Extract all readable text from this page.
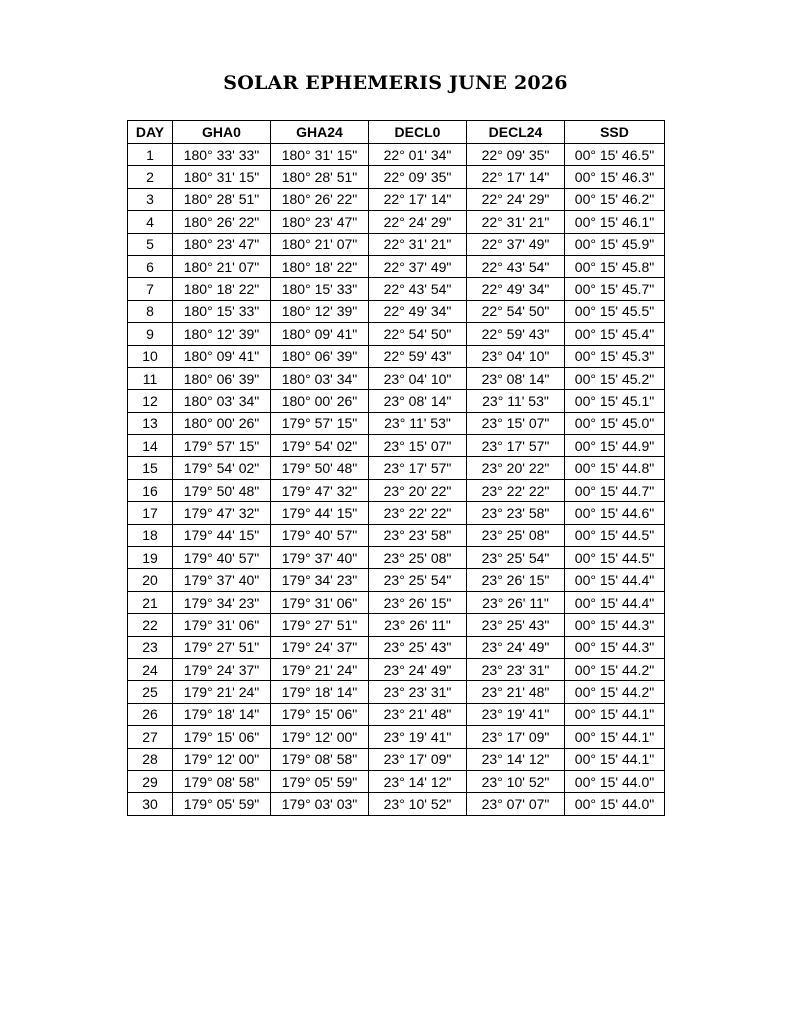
SOLAR EPHEMERIS JUNE 2026
DAY	GHA0	GHA24	DECL0	DECL24	SSD
1	180° 33' 33"	180° 31' 15"	22° 01' 34"	22° 09' 35"	00° 15' 46.5"
2	180° 31' 15"	180° 28' 51"	22° 09' 35"	22° 17' 14"	00° 15' 46.3"
3	180° 28' 51"	180° 26' 22"	22° 17' 14"	22° 24' 29"	00° 15' 46.2"
4	180° 26' 22"	180° 23' 47"	22° 24' 29"	22° 31' 21"	00° 15' 46.1"
5	180° 23' 47"	180° 21' 07"	22° 31' 21"	22° 37' 49"	00° 15' 45.9"
6	180° 21' 07"	180° 18' 22"	22° 37' 49"	22° 43' 54"	00° 15' 45.8"
7	180° 18' 22"	180° 15' 33"	22° 43' 54"	22° 49' 34"	00° 15' 45.7"
8	180° 15' 33"	180° 12' 39"	22° 49' 34"	22° 54' 50"	00° 15' 45.5"
9	180° 12' 39"	180° 09' 41"	22° 54' 50"	22° 59' 43"	00° 15' 45.4"
10	180° 09' 41"	180° 06' 39"	22° 59' 43"	23° 04' 10"	00° 15' 45.3"
11	180° 06' 39"	180° 03' 34"	23° 04' 10"	23° 08' 14"	00° 15' 45.2"
12	180° 03' 34"	180° 00' 26"	23° 08' 14"	23° 11' 53"	00° 15' 45.1"
13	180° 00' 26"	179° 57' 15"	23° 11' 53"	23° 15' 07"	00° 15' 45.0"
14	179° 57' 15"	179° 54' 02"	23° 15' 07"	23° 17' 57"	00° 15' 44.9"
15	179° 54' 02"	179° 50' 48"	23° 17' 57"	23° 20' 22"	00° 15' 44.8"
16	179° 50' 48"	179° 47' 32"	23° 20' 22"	23° 22' 22"	00° 15' 44.7"
17	179° 47' 32"	179° 44' 15"	23° 22' 22"	23° 23' 58"	00° 15' 44.6"
18	179° 44' 15"	179° 40' 57"	23° 23' 58"	23° 25' 08"	00° 15' 44.5"
19	179° 40' 57"	179° 37' 40"	23° 25' 08"	23° 25' 54"	00° 15' 44.5"
20	179° 37' 40"	179° 34' 23"	23° 25' 54"	23° 26' 15"	00° 15' 44.4"
21	179° 34' 23"	179° 31' 06"	23° 26' 15"	23° 26' 11"	00° 15' 44.4"
22	179° 31' 06"	179° 27' 51"	23° 26' 11"	23° 25' 43"	00° 15' 44.3"
23	179° 27' 51"	179° 24' 37"	23° 25' 43"	23° 24' 49"	00° 15' 44.3"
24	179° 24' 37"	179° 21' 24"	23° 24' 49"	23° 23' 31"	00° 15' 44.2"
25	179° 21' 24"	179° 18' 14"	23° 23' 31"	23° 21' 48"	00° 15' 44.2"
26	179° 18' 14"	179° 15' 06"	23° 21' 48"	23° 19' 41"	00° 15' 44.1"
27	179° 15' 06"	179° 12' 00"	23° 19' 41"	23° 17' 09"	00° 15' 44.1"
28	179° 12' 00"	179° 08' 58"	23° 17' 09"	23° 14' 12"	00° 15' 44.1"
29	179° 08' 58"	179° 05' 59"	23° 14' 12"	23° 10' 52"	00° 15' 44.0"
30	179° 05' 59"	179° 03' 03"	23° 10' 52"	23° 07' 07"	00° 15' 44.0"
